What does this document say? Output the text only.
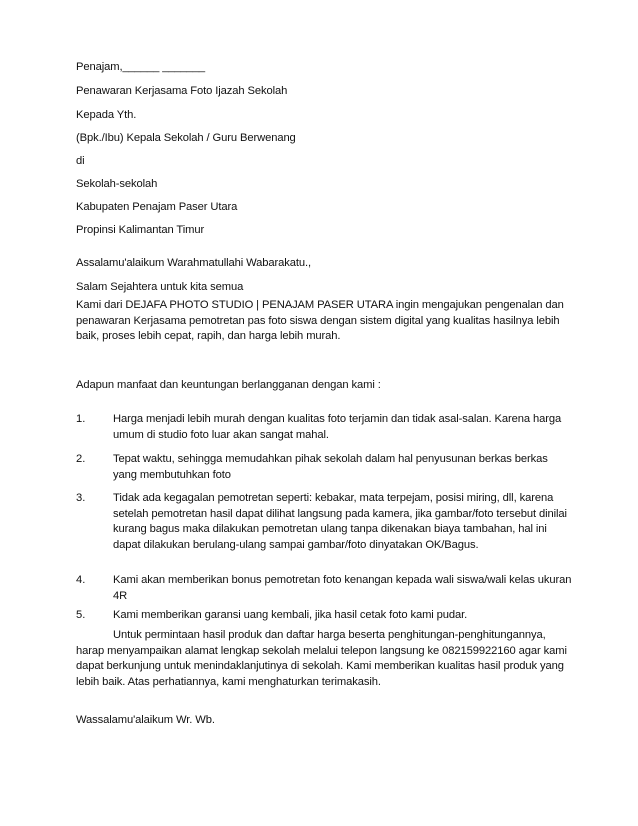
Penajam,______ _______
Penawaran Kerjasama Foto Ijazah Sekolah
Kepada Yth.
(Bpk./Ibu) Kepala Sekolah / Guru Berwenang
di
Sekolah-sekolah
Kabupaten Penajam Paser Utara
Propinsi Kalimantan Timur
Assalamu'alaikum Warahmatullahi Wabarakatu.,
Salam Sejahtera untuk kita semua
Kami dari DEJAFA PHOTO STUDIO | PENAJAM PASER UTARA ingin mengajukan pengenalan dan penawaran Kerjasama pemotretan pas foto siswa dengan sistem digital yang kualitas hasilnya lebih baik, proses lebih cepat, rapih, dan harga lebih murah.
Adapun manfaat dan keuntungan berlangganan dengan kami :
1. Harga menjadi lebih murah dengan kualitas foto terjamin dan tidak asal-salan. Karena harga umum di studio foto luar akan sangat mahal.
2. Tepat waktu, sehingga memudahkan pihak sekolah dalam hal penyusunan berkas berkas yang membutuhkan foto
3. Tidak ada kegagalan pemotretan seperti: kebakar, mata terpejam, posisi miring, dll, karena setelah pemotretan hasil dapat dilihat langsung pada kamera, jika gambar/foto tersebut dinilai kurang bagus maka dilakukan pemotretan ulang tanpa dikenakan biaya tambahan, hal ini dapat dilakukan berulang-ulang sampai gambar/foto dinyatakan OK/Bagus.
4. Kami akan memberikan bonus pemotretan foto kenangan kepada wali siswa/wali kelas ukuran 4R
5. Kami memberikan garansi uang kembali, jika hasil cetak foto kami pudar.
Untuk permintaan hasil produk dan daftar harga beserta penghitungan-penghitungannya, harap menyampaikan alamat lengkap sekolah melalui telepon langsung ke 082159922160 agar kami dapat berkunjung untuk menindaklanjutinya di sekolah. Kami memberikan kualitas hasil produk yang lebih baik. Atas perhatiannya, kami menghaturkan terimakasih.
Wassalamu'alaikum Wr. Wb.
